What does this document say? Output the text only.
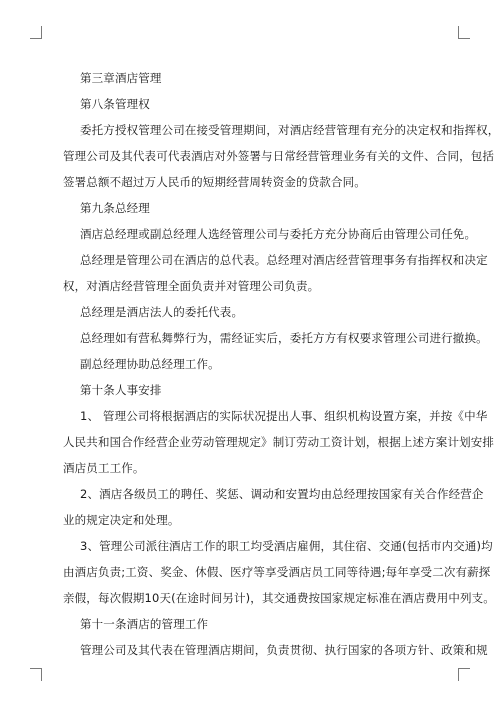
第三章酒店管理
第八条管理权
委托方授权管理公司在接受管理期间，对酒店经营管理有充分的决定权和指挥权，
管理公司及其代表可代表酒店对外签署与日常经营管理业务有关的文件、合同，包括
签署总额不超过万人民币的短期经营周转资金的贷款合同。
第九条总经理
酒店总经理或副总经理人选经管理公司与委托方充分协商后由管理公司任免。
总经理是管理公司在酒店的总代表。总经理对酒店经营管理事务有指挥权和决定
权，对酒店经营管理全面负责并对管理公司负责。
总经理是酒店法人的委托代表。
总经理如有营私舞弊行为，需经证实后，委托方方有权要求管理公司进行撤换。
副总经理协助总经理工作。
第十条人事安排
1、 管理公司将根据酒店的实际状况提出人事、组织机构设置方案，并按《中华
人民共和国合作经营企业劳动管理规定》制订劳动工资计划，根据上述方案计划安排
酒店员工工作。
2、酒店各级员工的聘任、奖惩、调动和安置均由总经理按国家有关合作经营企
业的规定决定和处理。
3、管理公司派往酒店工作的职工均受酒店雇佣，其住宿、交通(包括市内交通)均
由酒店负责;工资、奖金、休假、医疗等享受酒店员工同等待遇;每年享受二次有薪探
亲假，每次假期10天(在途时间另计)，其交通费按国家规定标准在酒店费用中列支。
第十一条酒店的管理工作
管理公司及其代表在管理酒店期间，负责贯彻、执行国家的各项方针、政策和规
